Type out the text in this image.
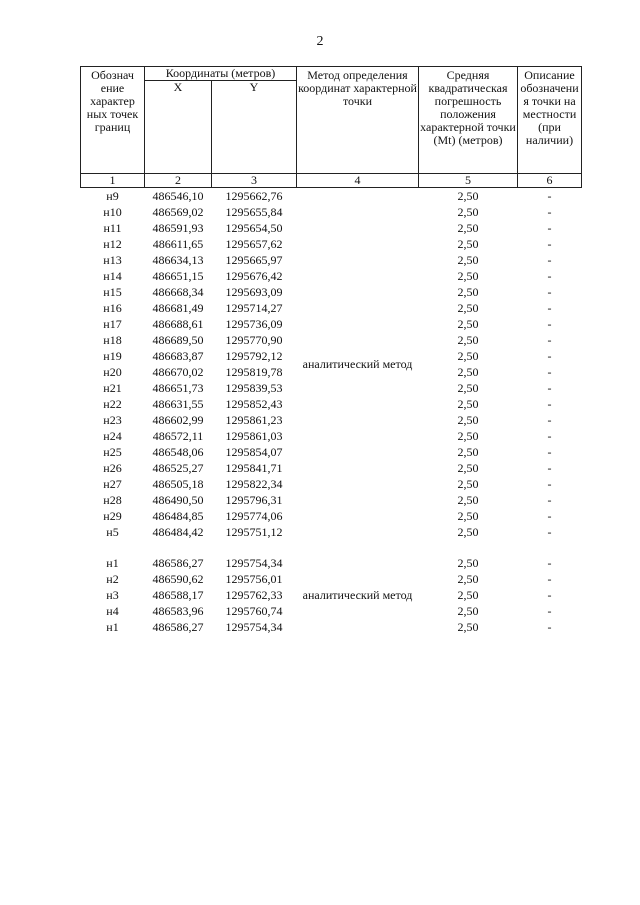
2
Обознач ение характер ных точек границ	Координаты (метров)		Метод определения координат характерной точки	Средняя квадратическая погрешность положения характерной точки (Mt) (метров)	Описание обозначени я точки на местности (при наличии)
	X	Y			
1	2	3	4	5	6
н9	486546,10	1295662,76	аналитический метод	2,50	-
н10	486569,02	1295655,84		2,50	-
н11	486591,93	1295654,50		2,50	-
н12	486611,65	1295657,62		2,50	-
н13	486634,13	1295665,97		2,50	-
н14	486651,15	1295676,42		2,50	-
н15	486668,34	1295693,09		2,50	-
н16	486681,49	1295714,27		2,50	-
н17	486688,61	1295736,09		2,50	-
н18	486689,50	1295770,90		2,50	-
н19	486683,87	1295792,12		2,50	-
н20	486670,02	1295819,78		2,50	-
н21	486651,73	1295839,53		2,50	-
н22	486631,55	1295852,43		2,50	-
н23	486602,99	1295861,23		2,50	-
н24	486572,11	1295861,03		2,50	-
н25	486548,06	1295854,07		2,50	-
н26	486525,27	1295841,71		2,50	-
н27	486505,18	1295822,34		2,50	-
н28	486490,50	1295796,31		2,50	-
н29	486484,85	1295774,06		2,50	-
н5	486484,42	1295751,12		2,50	-

н1	486586,27	1295754,34	аналитический метод	2,50	-
н2	486590,62	1295756,01		2,50	-
н3	486588,17	1295762,33		2,50	-
н4	486583,96	1295760,74		2,50	-
н1	486586,27	1295754,34		2,50	-
